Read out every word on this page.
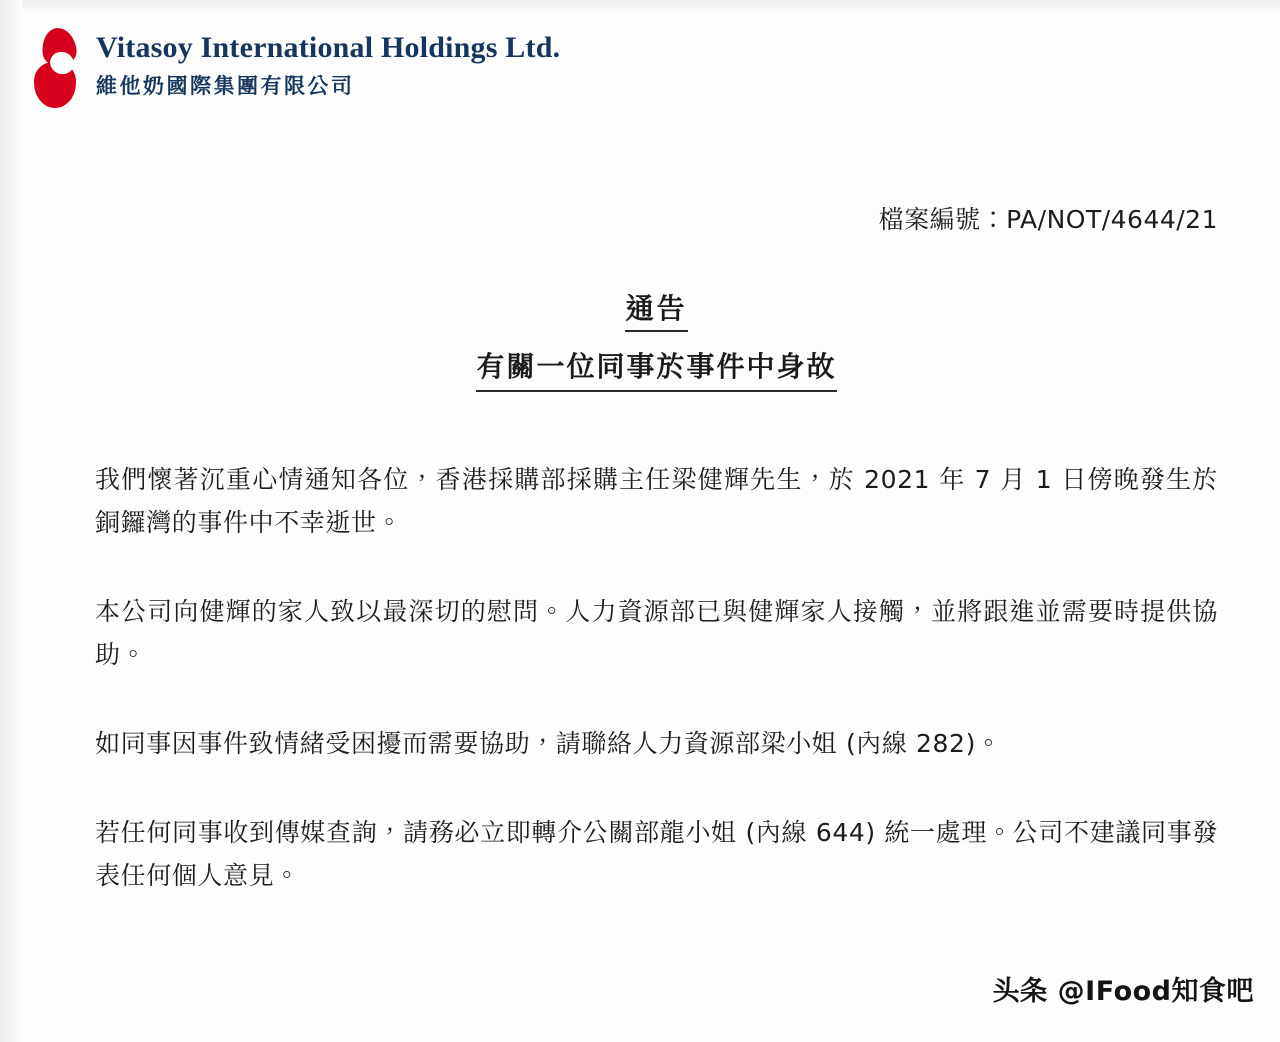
Vitasoy International Holdings Ltd.
維他奶國際集團有限公司
檔案編號：PA/NOT/4644/21
通告
有關一位同事於事件中身故

我們懷著沉重心情通知各位，香港採購部採購主任梁健輝先生，於 2021 年 7 月 1 日傍晚發生於銅鑼灣的事件中不幸逝世。

本公司向健輝的家人致以最深切的慰問。人力資源部已與健輝家人接觸，並將跟進並需要時提供協助。

如同事因事件致情緒受困擾而需要協助，請聯絡人力資源部梁小姐 (內線 282)。

若任何同事收到傳媒查詢，請務必立即轉介公關部龍小姐 (內線 644) 統一處理。公司不建議同事發表任何個人意見。

头条 @IFood知食吧
